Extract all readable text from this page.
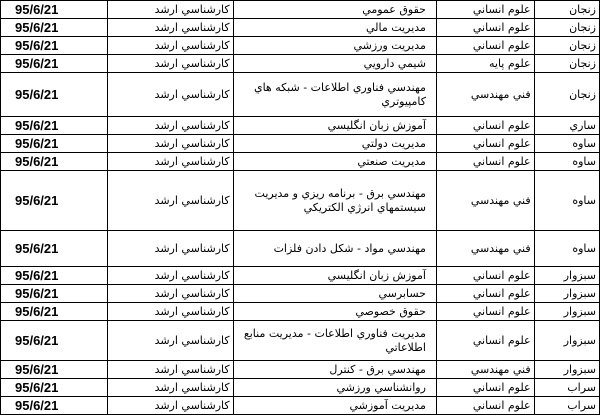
زنجان	علوم انساني	حقوق عمومي	كارشناسي ارشد	95/6/21
زنجان	علوم انساني	مديريت مالي	كارشناسي ارشد	95/6/21
زنجان	علوم انساني	مديريت ورزشي	كارشناسي ارشد	95/6/21
زنجان	علوم پايه	شيمي دارويي	كارشناسي ارشد	95/6/21
زنجان	فني مهندسي	مهندسي فناوري اطلاعات - شبكه هاي كامپيوتري	كارشناسي ارشد	95/6/21
ساري	علوم انساني	آموزش زبان انگليسي	كارشناسي ارشد	95/6/21
ساوه	علوم انساني	مديريت دولتي	كارشناسي ارشد	95/6/21
ساوه	علوم انساني	مديريت صنعتي	كارشناسي ارشد	95/6/21
ساوه	فني مهندسي	مهندسي برق - برنامه ريزي و مديريت سيستمهاي انرژي الكتريكي	كارشناسي ارشد	95/6/21
ساوه	فني مهندسي	مهندسي مواد - شكل دادن فلزات	كارشناسي ارشد	95/6/21
سبزوار	علوم انساني	آموزش زبان انگليسي	كارشناسي ارشد	95/6/21
سبزوار	علوم انساني	حسابرسي	كارشناسي ارشد	95/6/21
سبزوار	علوم انساني	حقوق خصوصي	كارشناسي ارشد	95/6/21
سبزوار	علوم انساني	مديريت فناوري اطلاعات - مديريت منابع اطلاعاتي	كارشناسي ارشد	95/6/21
سبزوار	فني مهندسي	مهندسي برق - كنترل	كارشناسي ارشد	95/6/21
سراب	علوم انساني	روانشناسي ورزشي	كارشناسي ارشد	95/6/21
سراب	علوم انساني	مديريت آموزشي	كارشناسي ارشد	95/6/21
